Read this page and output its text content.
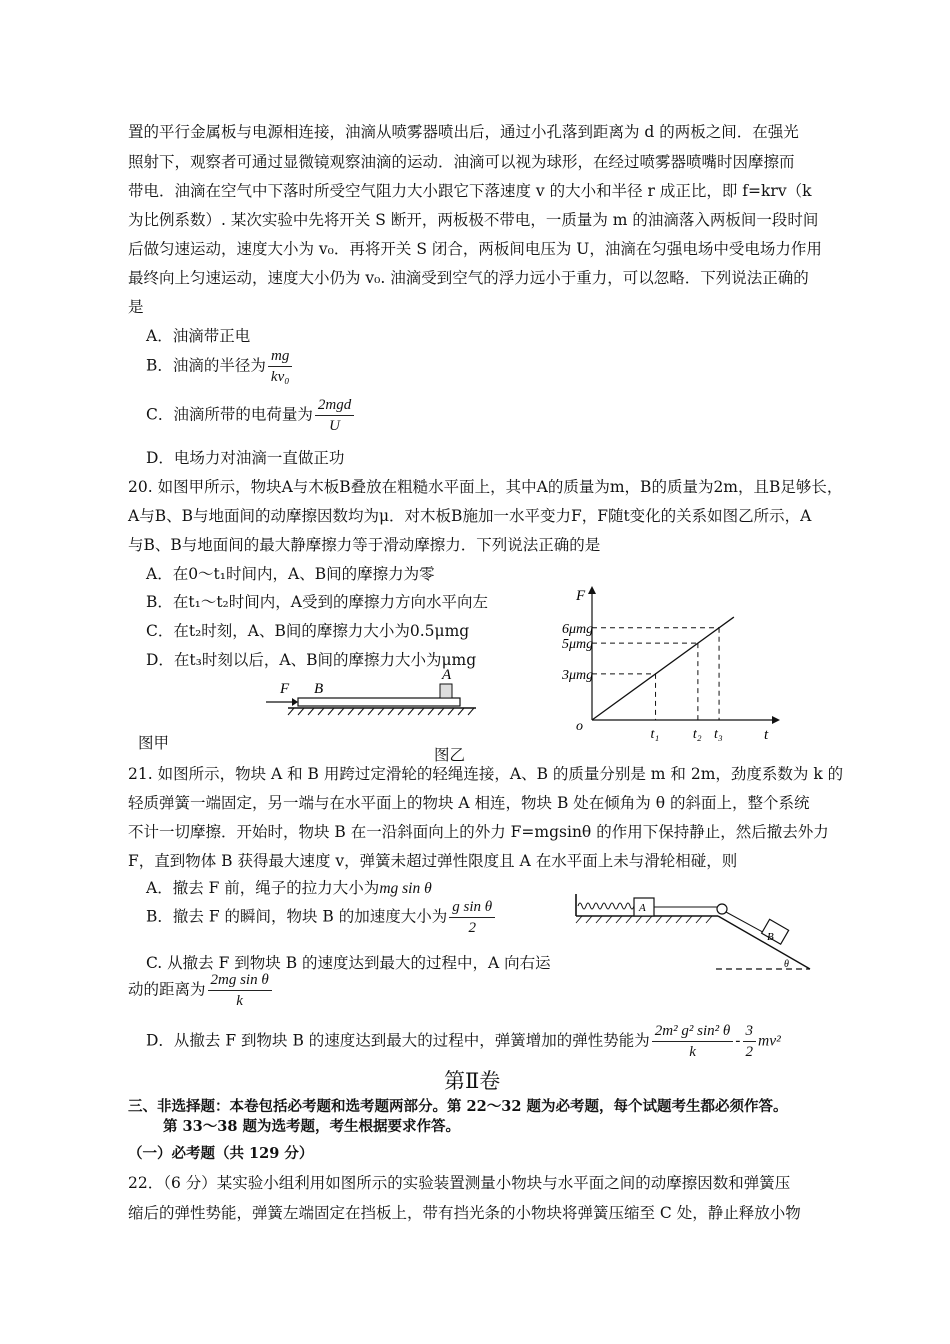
置的平行金属板与电源相连接，油滴从喷雾器喷出后，通过小孔落到距离为 d 的两板之间．在强光
照射下，观察者可通过显微镜观察油滴的运动．油滴可以视为球形，在经过喷雾器喷嘴时因摩擦而
带电．油滴在空气中下落时所受空气阻力大小跟它下落速度 v 的大小和半径 r 成正比，即 f=krv（k
为比例系数）. 某次实验中先将开关 S 断开，两板极不带电，一质量为 m 的油滴落入两板间一段时间
后做匀速运动，速度大小为 v₀．再将开关 S 闭合，两板间电压为 U，油滴在匀强电场中受电场力作用
最终向上匀速运动，速度大小仍为 v₀. 油滴受到空气的浮力远小于重力，可以忽略．下列说法正确的
是
A．油滴带正电
B．油滴的半径为 $\frac{mg}{\text{kv₀}}$
C．油滴所带的电荷量为 $\frac{\text{2mgd}}{U}$
D．电场力对油滴一直做正功
20. 如图甲所示，物块A与木板B叠放在粗糙水平面上，其中A的质量为m，B的质量为2m，且B足够长，
A与B、B与地面间的动摩擦因数均为μ．对木板B施加一水平变力F，F随t变化的关系如图乙所示，A
与B、B与地面间的最大静摩擦力等于滑动摩擦力．下列说法正确的是
A．在0～t₁时间内，A、B间的摩擦力为零
B．在t₁～t₂时间内，A受到的摩擦力方向水平向左
C．在t₂时刻，A、B间的摩擦力大小为0.5μmg
D．在t₃时刻以后，A、B间的摩擦力大小为μmg
F B
A
图甲
F
t
o
3μmg
5μmg
6μmg
t₁ t₂ t₃
图乙
21. 如图所示，物块 A 和 B 用跨过定滑轮的轻绳连接，A、B 的质量分别是 m 和 2m，劲度系数为 k 的
轻质弹簧一端固定，另一端与在水平面上的物块 A 相连，物块 B 处在倾角为 θ 的斜面上，整个系统
不计一切摩擦．开始时，物块 B 在一沿斜面向上的外力 F=mgsinθ 的作用下保持静止，然后撤去外力
F，直到物体 B 获得最大速度 v，弹簧未超过弹性限度且 A 在水平面上未与滑轮相碰，则
A．撤去 F 前，绳子的拉力大小为mg sin θ
B．撤去 F 的瞬间，物块 B 的加速度大小为 $\frac{\text{g sin θ}}{2}$
C. 从撤去 F 到物块 B 的速度达到最大的过程中，A 向右运
动的距离为 $\frac{\text{2mg sin θ}}{k}$
D．从撤去 F 到物块 B 的速度达到最大的过程中，弹簧增加的弹性势能为 $\frac{\text{2m² g² sin² θ}}{k} - \frac{3}{2} mv^2$
A
B
θ
第Ⅱ卷
三、非选择题：本卷包括必考题和选考题两部分。第 22～32 题为必考题，每个试题考生都必须作答。
第 33～38 题为选考题，考生根据要求作答。
（一）必考题（共 129 分）
22．（6 分）某实验小组利用如图所示的实验装置测量小物块与水平面之间的动摩擦因数和弹簧压
缩后的弹性势能，弹簧左端固定在挡板上，带有挡光条的小物块将弹簧压缩至 C 处，静止释放小物
